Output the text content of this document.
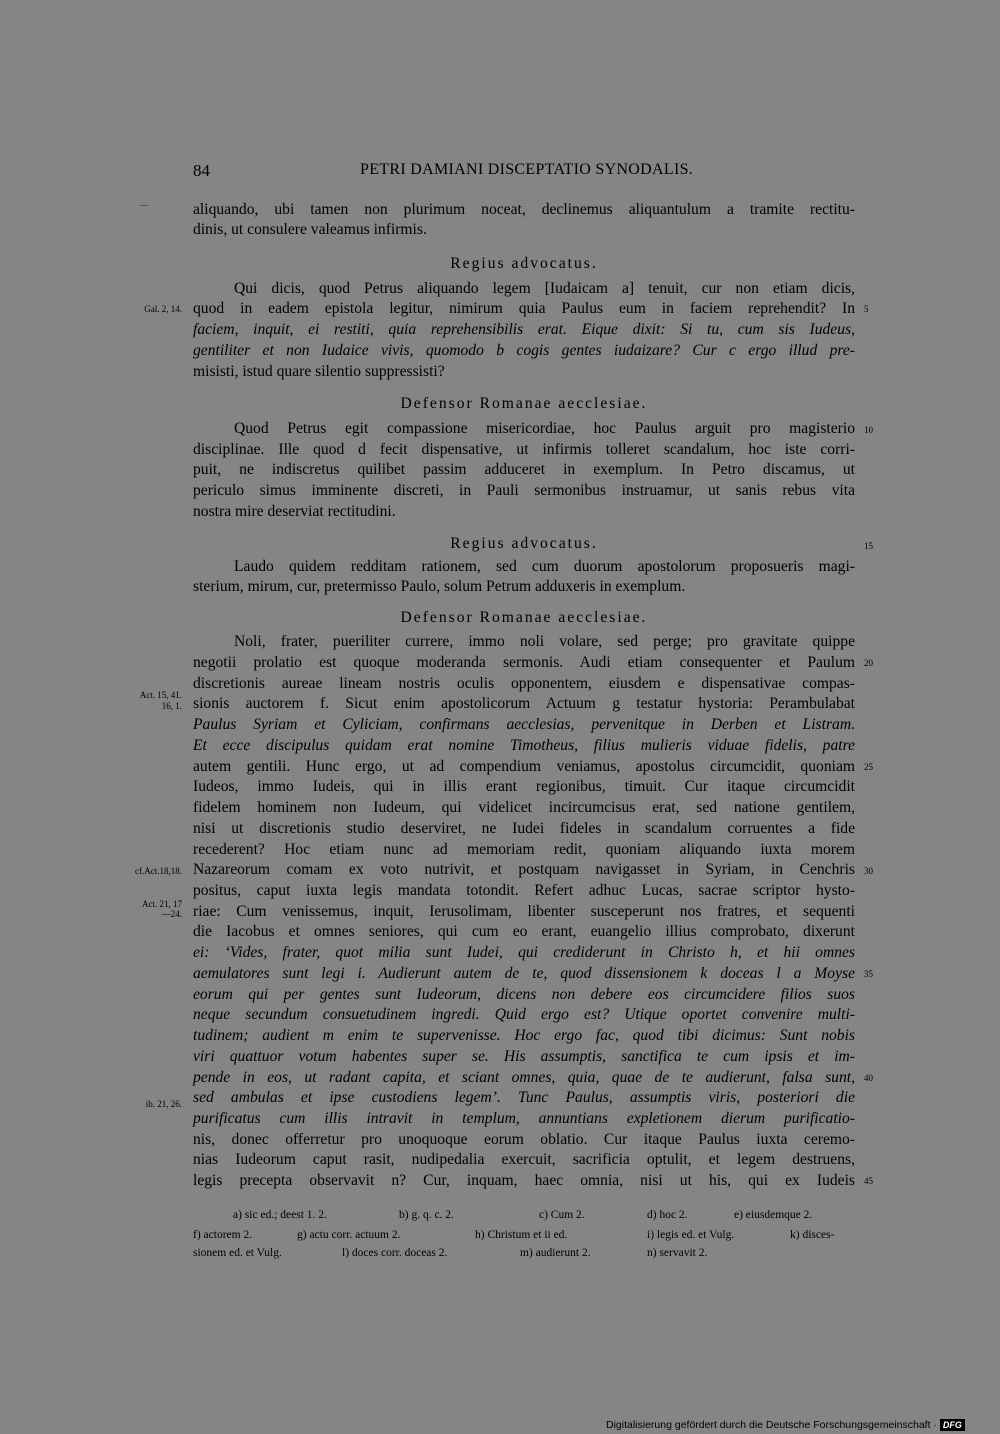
84	PETRI DAMIANI DISCEPTATIO SYNODALIS.
aliquando, ubi tamen non plurimum noceat, declinemus aliquantulum a tramite rectitu-
dinis, ut consulere valeamus infirmis.
Regius advocatus.
Qui dicis, quod Petrus aliquando legem [Iudaicam a] tenuit, cur non etiam dicis,
quod in eadem epistola legitur, nimirum quia Paulus eum in faciem reprehendit? In
faciem, inquit, ei restiti, quia reprehensibilis erat. Eique dixit: Si tu, cum sis Iudeus,
gentiliter et non Iudaice vivis, quomodo b cogis gentes iudaizare? Cur c ergo illud pre-
misisti, istud quare silentio suppressisti?
Defensor Romanae aecclesiae.
Quod Petrus egit compassione misericordiae, hoc Paulus arguit pro magisterio
disciplinae. Ille quod d fecit dispensative, ut infirmis tolleret scandalum, hoc iste corri-
puit, ne indiscretus quilibet passim adduceret in exemplum. In Petro discamus, ut
periculo simus imminente discreti, in Pauli sermonibus instruamur, ut sanis rebus vita
nostra mire deserviat rectitudini.
Regius advocatus.
Laudo quidem redditam rationem, sed cum duorum apostolorum proposueris magi-
sterium, mirum, cur, pretermisso Paulo, solum Petrum adduxeris in exemplum.
Defensor Romanae aecclesiae.
Noli, frater, pueriliter currere, immo noli volare, sed perge; pro gravitate quippe
negotii prolatio est quoque moderanda sermonis. Audi etiam consequenter et Paulum
discretionis aureae lineam nostris oculis opponentem, eiusdem e dispensativae compas-
sionis auctorem f. Sicut enim apostolicorum Actuum g testatur hystoria: Perambulabat
Paulus Syriam et Cyliciam, confirmans aecclesias, pervenitque in Derben et Listram.
Et ecce discipulus quidam erat nomine Timotheus, filius mulieris viduae fidelis, patre
autem gentili. Hunc ergo, ut ad compendium veniamus, apostolus circumcidit, quoniam
Iudeos, immo Iudeis, qui in illis erant regionibus, timuit. Cur itaque circumcidit
fidelem hominem non Iudeum, qui videlicet incircumcisus erat, sed natione gentilem,
nisi ut discretionis studio deserviret, ne Iudei fideles in scandalum corruentes a fide
recederent? Hoc etiam nunc ad memoriam redit, quoniam aliquando iuxta morem
Nazareorum comam ex voto nutrivit, et postquam navigasset in Syriam, in Cenchris
positus, caput iuxta legis mandata totondit. Refert adhuc Lucas, sacrae scriptor hysto-
riae: Cum venissemus, inquit, Ierusolimam, libenter susceperunt nos fratres, et sequenti
die Iacobus et omnes seniores, qui cum eo erant, euangelio illius comprobato, dixerunt
ei: ‘Vides, frater, quot milia sunt Iudei, qui crediderunt in Christo h, et hii omnes
aemulatores sunt legi i. Audierunt autem de te, quod dissensionem k doceas l a Moyse
eorum qui per gentes sunt Iudeorum, dicens non debere eos circumcidere filios suos
neque secundum consuetudinem ingredi. Quid ergo est? Utique oportet convenire multi-
tudinem; audient m enim te supervenisse. Hoc ergo fac, quod tibi dicimus: Sunt nobis
viri quattuor votum habentes super se. His assumptis, sanctifica te cum ipsis et im-
pende in eos, ut radant capita, et sciant omnes, quia, quae de te audierunt, falsa sunt,
sed ambulas et ipse custodiens legem’. Tunc Paulus, assumptis viris, posteriori die
purificatus cum illis intravit in templum, annuntians expletionem dierum purificatio-
nis, donec offerretur pro unoquoque eorum oblatio. Cur itaque Paulus iuxta ceremo-
nias Iudeorum caput rasit, nudipedalia exercuit, sacrificia optulit, et legem destruens,
legis precepta observavit n? Cur, inquam, haec omnia, nisi ut his, qui ex Iudeis
Gal. 2, 14.
Act. 15, 41.
16, 1.
cf.Act.18,18.
Act. 21, 17
—24.
ib. 21, 26.
5
10
15
20
25
30
35
40
45
a) sic ed.; deest 1. 2.	b) g. q. c. 2.	c) Cum 2.	d) hoc 2.	e) eiusdemque 2.
f) actorem 2.	g) actu corr. actuum 2.	h) Christum et ii ed.	i) legis ed. et Vulg.	k) disces-
sionem ed. et Vulg.	l) doces corr. doceas 2.	m) audierunt 2.	n) servavit 2.
Digitalisierung gefördert durch die Deutsche Forschungsgemeinschaft · DFG
